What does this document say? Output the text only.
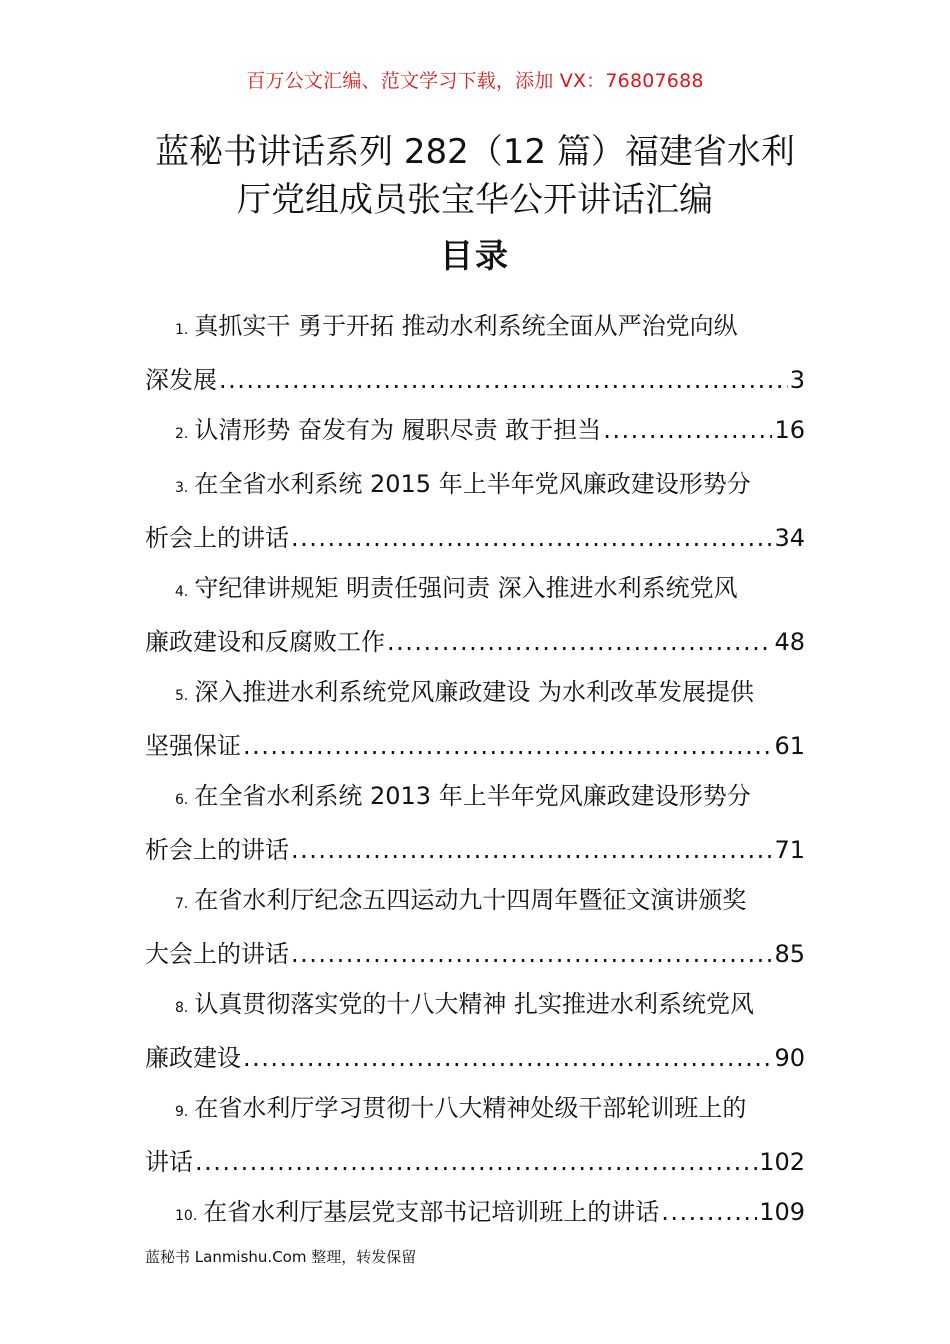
百万公文汇编、范文学习下载，添加 VX：76807688
蓝秘书讲话系列 282（12 篇）福建省水利
厅党组成员张宝华公开讲话汇编
目录
1. 真抓实干 勇于开拓 推动水利系统全面从严治党向纵
深发展 .....	3
2. 认清形势 奋发有为 履职尽责 敢于担当 .....	16
3. 在全省水利系统 2015 年上半年党风廉政建设形势分
析会上的讲话 .....	34
4. 守纪律讲规矩 明责任强问责 深入推进水利系统党风
廉政建设和反腐败工作 .....	48
5. 深入推进水利系统党风廉政建设 为水利改革发展提供
坚强保证 .....	61
6. 在全省水利系统 2013 年上半年党风廉政建设形势分
析会上的讲话 .....	71
7. 在省水利厅纪念五四运动九十四周年暨征文演讲颁奖
大会上的讲话 .....	85
8. 认真贯彻落实党的十八大精神 扎实推进水利系统党风
廉政建设 .....	90
9. 在省水利厅学习贯彻十八大精神处级干部轮训班上的
讲话 .....	102
10. 在省水利厅基层党支部书记培训班上的讲话 .....	109
蓝秘书 Lanmishu.Com 整理，转发保留
